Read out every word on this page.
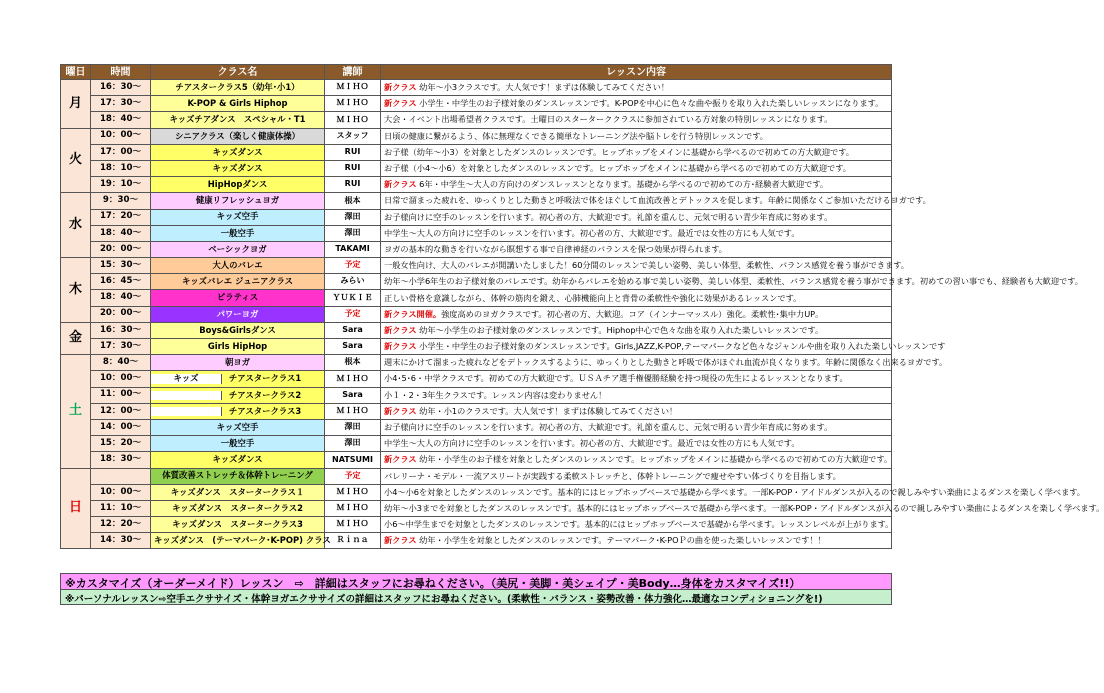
曜日	時間	クラス名	講師	レッスン内容
月	16：30～	チアスタークラス5（幼年･小1）	ＭＩＨＯ	新クラス 幼年～小3クラスです。大人気です！まずは体験してみてください！
	17：30～	K-POP & Girls Hiphop	ＭＩＨＯ	新クラス 小学生・中学生のお子様対象のダンスレッスンです。K-POPを中心に色々な曲や振りを取り入れた楽しいレッスンになります。
	18：40～	キッズチアダンス　スペシャル・T1	ＭＩＨＯ	大会・イベント出場希望者クラスです。土曜日のスターターククラスに参加されている方対象の特別レッスンになります。
火	10：00～	シニアクラス（楽しく健康体操）	スタッフ	日頃の健康に繋がるよう、体に無理なくできる簡単なトレーニング法や脳トレを行う特別レッスンです。
	17：00～	キッズダンス	RUI	お子様（幼年～小3）を対象としたダンスのレッスンです。ヒップホップをメインに基礎から学べるので初めての方大歓迎です。
	18：10～	キッズダンス	RUI	お子様（小4～小6）を対象としたダンスのレッスンです。ヒップホップをメインに基礎から学べるので初めての方大歓迎です。
	19：10～	HipHopダンス	RUI	新クラス 6年・中学生～大人の方向けのダンスレッスンとなります。基礎から学べるので初めての方･経験者大歓迎です。
水	9：30～	健康リフレッシュヨガ	根本	日常で溜まった疲れを、ゆっくりとした動きと呼吸法で体をほぐして血流改善とデトックスを促します。年齢に関係なくご参加いただけるヨガです。
	17：20～	キッズ空手	澤田	お子様向けに空手のレッスンを行います。初心者の方、大歓迎です。礼節を重んじ、元気で明るい青少年育成に努めます。
	18：40～	一般空手	澤田	中学生～大人の方向けに空手のレッスンを行います。初心者の方、大歓迎です。最近では女性の方にも人気です。
	20：00～	ベーシックヨガ	TAKAMI	ヨガの基本的な動きを行いながら瞑想する事で自律神経のバランスを保つ効果が得られます。
木	15：30～	大人のバレエ	予定	一般女性向け、大人のバレエが開講いたしました！60分間のレッスンで美しい姿勢、美しい体型、柔軟性、バランス感覚を養う事ができます。
	16：45～	キッズバレエ ジュニアクラス	みらい	幼年～小学6年生のお子様対象のバレエです。幼年からバレエを始める事で美しい姿勢、美しい体型、柔軟性、バランス感覚を養う事ができます。初めての習い事でも、経験者も大歓迎です。
	18：40～	ピラティス	ＹＵＫＩＥ	正しい骨格を意識しながら、体幹の筋肉を鍛え、心肺機能向上と背骨の柔軟性や強化に効果があるレッスンです。
	20：00～	パワーヨガ	予定	新クラス開催。強度高めのヨガクラスです。初心者の方、大歓迎。コア（インナーマッスル）強化。柔軟性･集中力UP。
金	16：30～	Boys&Girlsダンス	Sara	新クラス 幼年～小学生のお子様対象のダンスレッスンです。Hiphop中心で色々な曲を取り入れた楽しいレッスンです。
	17：30～	Girls HipHop	Sara	新クラス 小学生・中学生のお子様対象のダンスレッスンです。Girls,JAZZ,K-POP,テーマパークなど色々なジャンルや曲を取り入れた楽しいレッスンです
土	8：40～	朝ヨガ	根本	週末にかけて溜まった疲れなどをデトックスするように、ゆっくりとした動きと呼吸で体がほぐれ血流が良くなります。年齢に関係なく出来るヨガです。
	10：00～	キッズ チアスタークラス1	ＭＩＨＯ	小4･5･6・中学クラスです。初めての方大歓迎です。ＵＳＡチア選手権優勝経験を持つ現役の先生によるレッスンとなります。
	11：00～	チアスタークラス2	Sara	小１・2・3年生クラスです。レッスン内容は変わりません！
	12：00～	チアスタークラス3	ＭＩＨＯ	新クラス 幼年・小1のクラスです。大人気です！まずは体験してみてください！
	14：00～	キッズ空手	澤田	お子様向けに空手のレッスンを行います。初心者の方、大歓迎です。礼節を重んじ、元気で明るい青少年育成に努めます。
	15：20～	一般空手	澤田	中学生～大人の方向けに空手のレッスンを行います。初心者の方、大歓迎です。最近では女性の方にも人気です。
	18：30～	キッズダンス	NATSUMI	新クラス 幼年・小学生のお子様を対象としたダンスのレッスンです。ヒップホップをメインに基礎から学べるので初めての方大歓迎です。
日		体質改善ストレッチ＆体幹トレーニング	予定	バレリーナ・モデル・一流アスリートが実践する柔軟ストレッチと、体幹トレーニングで痩せやすい体づくりを目指します。
	10：00～	キッズダンス　スタータークラス１	ＭＩＨＯ	小4～小6を対象としたダンスのレッスンです。基本的にはヒップホップベースで基礎から学べます。一部K-POP・アイドルダンスが入るので親しみやすい楽曲によるダンスを楽しく学べます。
	11：10～	キッズダンス　スタータークラス2	ＭＩＨＯ	幼年～小3までを対象としたダンスのレッスンです。基本的にはヒップホップベースで基礎から学べます。一部K-POP・アイドルダンスが入るので親しみやすい楽曲によるダンスを楽しく学べます。
	12：20～	キッズダンス　スタータークラス3	ＭＩＨＯ	小6～中学生までを対象としたダンスのレッスンです。基本的にはヒップホップベースで基礎から学べます。レッスンレベルが上がります。
	14：30～	キッズダンス　(テーマパーク･K-POP) クラス	Ｒｉｎａ	新クラス 幼年・小学生を対象としたダンスのレッスンです。テーマパーク･K-POＰの曲を使った楽しいレッスンです！！
※カスタマイズ（オーダーメイド）レッスン　⇨　詳細はスタッフにお尋ねください。（美尻・美脚・美シェイプ・美Body…身体をカスタマイズ!!）
※パーソナルレッスン⇨空手エクササイズ・体幹ヨガエクササイズの詳細はスタッフにお尋ねください。(柔軟性・バランス・姿勢改善・体力強化…最適なコンディショニングを!)
